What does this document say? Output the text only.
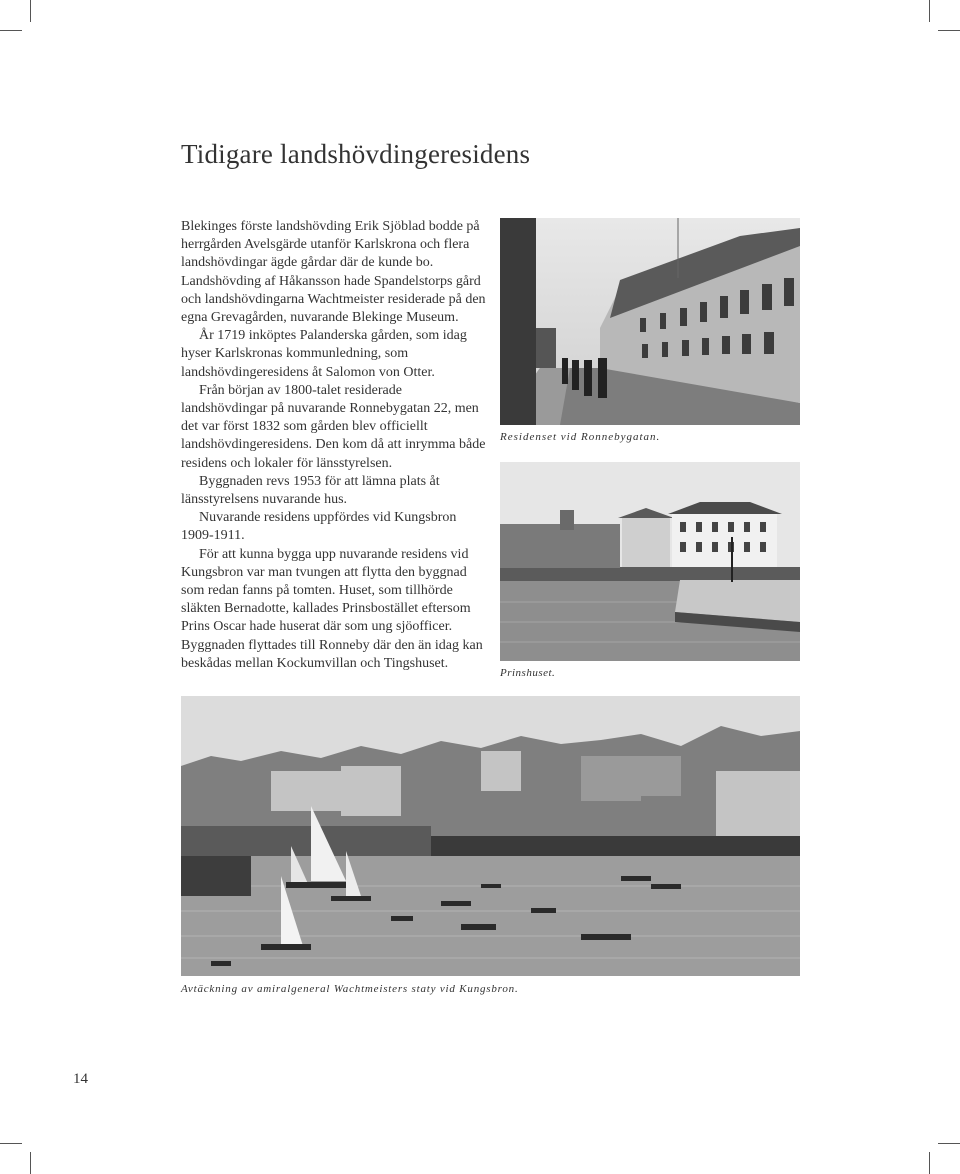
Tidigare landshövdingeresidens

Blekinges förste landshövding Erik Sjöblad bodde på herrgården Avelsgärde utanför Karlskrona och flera landshövdingar ägde gårdar där de kunde bo. Landshövding af Håkansson hade Spandelstorps gård och landshövdingarna Wachtmeister residerade på den egna Grevagården, nuvarande Blekinge Museum.

År 1719 inköptes Palanderska gården, som idag hyser Karlskronas kommunledning, som landshövdingeresidens åt Salomon von Otter.

Från början av 1800-talet residerade landshövdingar på nuvarande Ronnebygatan 22, men det var först 1832 som gården blev officiellt landshövdingeresidens. Den kom då att inrymma både residens och lokaler för länsstyrelsen.

Byggnaden revs 1953 för att lämna plats åt länsstyrelsens nuvarande hus.

Nuvarande residens uppfördes vid Kungsbron 1909-1911.

För att kunna bygga upp nuvarande residens vid Kungsbron var man tvungen att flytta den byggnad som redan fanns på tomten. Huset, som tillhörde släkten Bernadotte, kallades Prinsbostället eftersom Prins Oscar hade huserat där som ung sjöofficer. Byggnaden flyttades till Ronneby där den än idag kan beskådas mellan Kockumvillan och Tingshuset.

Residenset vid Ronnebygatan.
Prinshuset.
Avtäckning av amiralgeneral Wachtmeisters staty vid Kungsbron.
14
